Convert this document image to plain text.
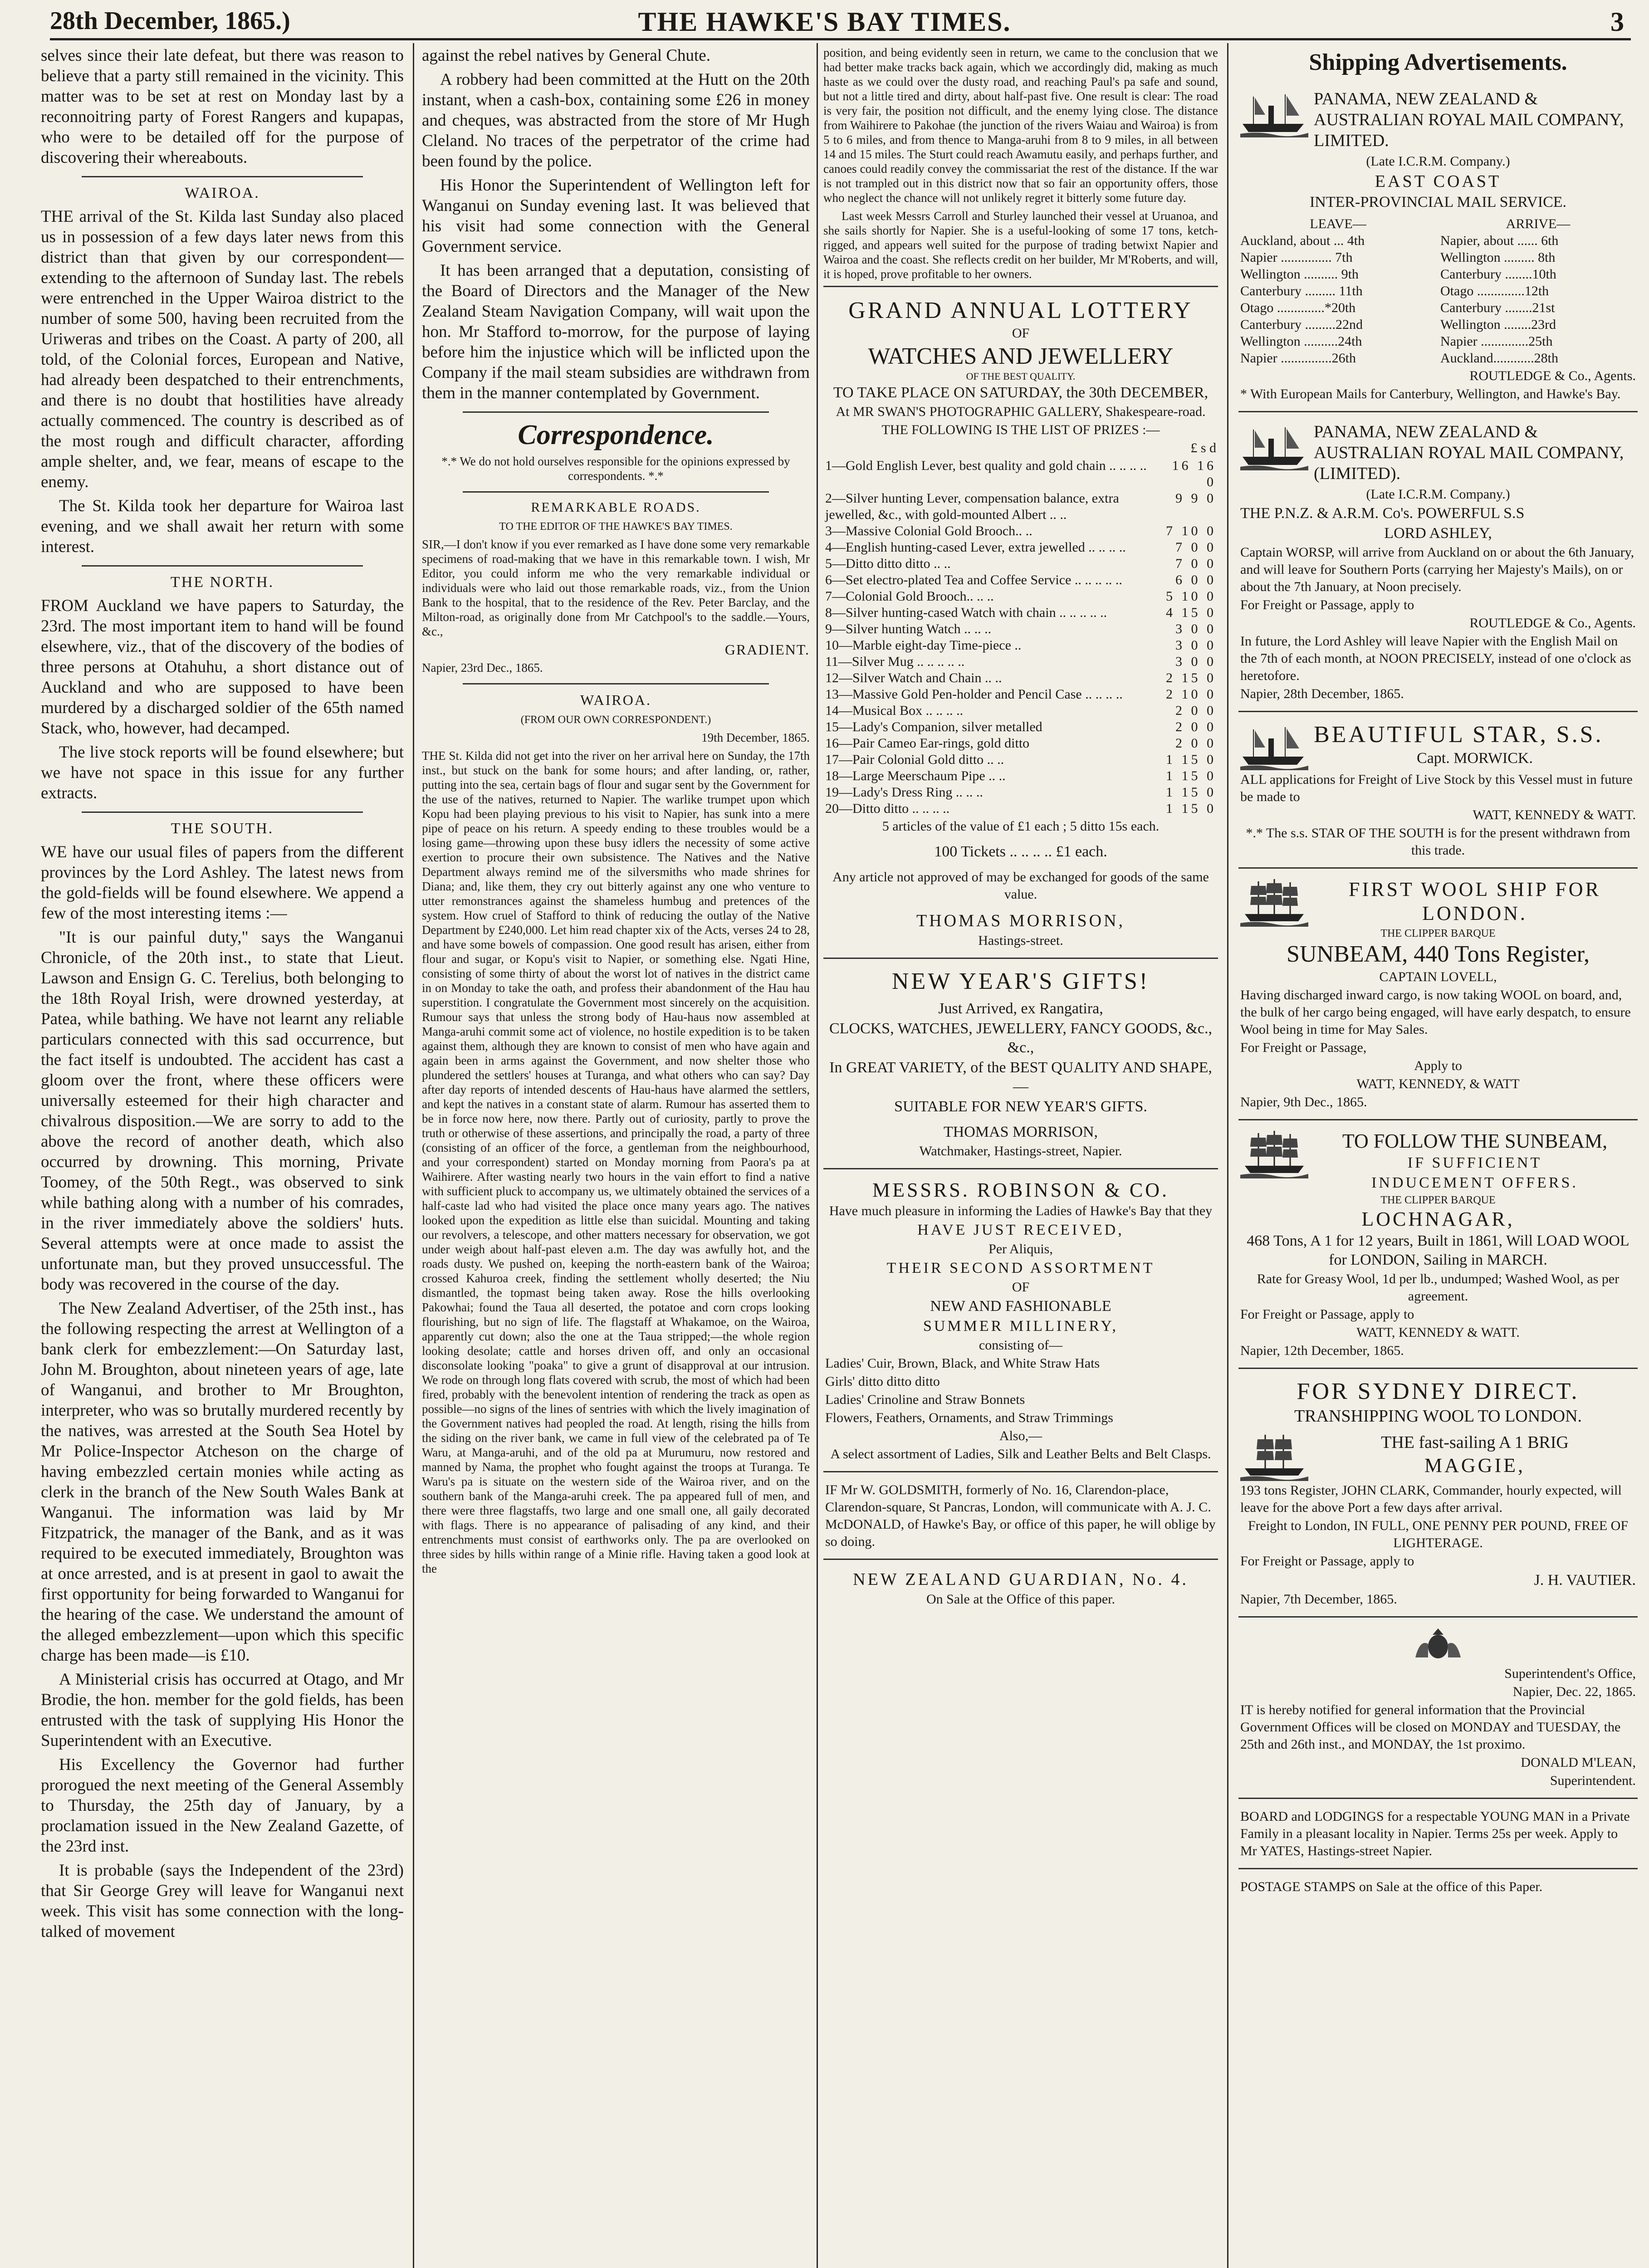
28th December, 1865.)	THE HAWKE'S BAY TIMES.	3

selves since their late defeat, but there was reason to believe that a party still remained in the vicinity. This matter was to be set at rest on Monday last by a reconnoitring party of Forest Rangers and kupapas, who were to be detailed off for the purpose of discovering their whereabouts.

WAIROA.

THE arrival of the St. Kilda last Sunday also placed us in possession of a few days later news from this district than that given by our correspondent—extending to the afternoon of Sunday last. The rebels were entrenched in the Upper Wairoa district to the number of some 500, having been recruited from the Uriweras and tribes on the Coast. A party of 200, all told, of the Colonial forces, European and Native, had already been despatched to their entrenchments, and there is no doubt that hostilities have already actually commenced. The country is described as of the most rough and difficult character, affording ample shelter, and, we fear, means of escape to the enemy.

The St. Kilda took her departure for Wairoa last evening, and we shall await her return with some interest.

THE NORTH.

FROM Auckland we have papers to Saturday, the 23rd. The most important item to hand will be found elsewhere, viz., that of the discovery of the bodies of three persons at Otahuhu, a short distance out of Auckland and who are supposed to have been murdered by a discharged soldier of the 65th named Stack, who, however, had decamped.

The live stock reports will be found elsewhere; but we have not space in this issue for any further extracts.

THE SOUTH.

WE have our usual files of papers from the different provinces by the Lord Ashley. The latest news from the gold-fields will be found elsewhere. We append a few of the most interesting items :—

"It is our painful duty," says the Wanganui Chronicle, of the 20th inst., to state that Lieut. Lawson and Ensign G. C. Terelius, both belonging to the 18th Royal Irish, were drowned yesterday, at Patea, while bathing. We have not learnt any reliable particulars connected with this sad occurrence, but the fact itself is undoubted. The accident has cast a gloom over the front, where these officers were universally esteemed for their high character and chivalrous disposition.—We are sorry to add to the above the record of another death, which also occurred by drowning. This morning, Private Toomey, of the 50th Regt., was observed to sink while bathing along with a number of his comrades, in the river immediately above the soldiers' huts. Several attempts were at once made to assist the unfortunate man, but they proved unsuccessful. The body was recovered in the course of the day.

The New Zealand Advertiser, of the 25th inst., has the following respecting the arrest at Wellington of a bank clerk for embezzlement:—On Saturday last, John M. Broughton, about nineteen years of age, late of Wanganui, and brother to Mr Broughton, interpreter, who was so brutally murdered recently by the natives, was arrested at the South Sea Hotel by Mr Police-Inspector Atcheson on the charge of having embezzled certain monies while acting as clerk in the branch of the New South Wales Bank at Wanganui. The information was laid by Mr Fitzpatrick, the manager of the Bank, and as it was required to be executed immediately, Broughton was at once arrested, and is at present in gaol to await the first opportunity for being forwarded to Wanganui for the hearing of the case. We understand the amount of the alleged embezzlement—upon which this specific charge has been made—is £10.

A Ministerial crisis has occurred at Otago, and Mr Brodie, the hon. member for the gold fields, has been entrusted with the task of supplying His Honor the Superintendent with an Executive.

His Excellency the Governor had further prorogued the next meeting of the General Assembly to Thursday, the 25th day of January, by a proclamation issued in the New Zealand Gazette, of the 23rd inst.

It is probable (says the Independent of the 23rd) that Sir George Grey will leave for Wanganui next week. This visit has some connection with the long-talked of movement

against the rebel natives by General Chute.

A robbery had been committed at the Hutt on the 20th instant, when a cash-box, containing some £26 in money and cheques, was abstracted from the store of Mr Hugh Cleland. No traces of the perpetrator of the crime had been found by the police.

His Honor the Superintendent of Wellington left for Wanganui on Sunday evening last. It was believed that his visit had some connection with the General Government service.

It has been arranged that a deputation, consisting of the Board of Directors and the Manager of the New Zealand Steam Navigation Company, will wait upon the hon. Mr Stafford to-morrow, for the purpose of laying before him the injustice which will be inflicted upon the Company if the mail steam subsidies are withdrawn from them in the manner contemplated by Government.

Correspondence.

*.* We do not hold ourselves responsible for the opinions expressed by correspondents. *.*

REMARKABLE ROADS.

TO THE EDITOR OF THE HAWKE'S BAY TIMES.

SIR,—I don't know if you ever remarked as I have done some very remarkable specimens of road-making that we have in this remarkable town. I wish, Mr Editor, you could inform me who the very remarkable individual or individuals were who laid out those remarkable roads, viz., from the Union Bank to the hospital, that to the residence of the Rev. Peter Barclay, and the Milton-road, as originally done from Mr Catchpool's to the saddle.—Yours, &c.,

GRADIENT.

Napier, 23rd Dec., 1865.

WAIROA.

(FROM OUR OWN CORRESPONDENT.)

19th December, 1865.

THE St. Kilda did not get into the river on her arrival here on Sunday, the 17th inst., but stuck on the bank for some hours; and after landing, or, rather, putting into the sea, certain bags of flour and sugar sent by the Government for the use of the natives, returned to Napier. The warlike trumpet upon which Kopu had been playing previous to his visit to Napier, has sunk into a mere pipe of peace on his return. A speedy ending to these troubles would be a losing game—throwing upon these busy idlers the necessity of some active exertion to procure their own subsistence. The Natives and the Native Department always remind me of the silversmiths who made shrines for Diana; and, like them, they cry out bitterly against any one who venture to utter remonstrances against the shameless humbug and pretences of the system. How cruel of Stafford to think of reducing the outlay of the Native Department by £240,000. Let him read chapter xix of the Acts, verses 24 to 28, and have some bowels of compassion. One good result has arisen, either from flour and sugar, or Kopu's visit to Napier, or something else. Ngati Hine, consisting of some thirty of about the worst lot of natives in the district came in on Monday to take the oath, and profess their abandonment of the Hau hau superstition. I congratulate the Government most sincerely on the acquisition. Rumour says that unless the strong body of Hau-haus now assembled at Manga-aruhi commit some act of violence, no hostile expedition is to be taken against them, although they are known to consist of men who have again and again been in arms against the Government, and now shelter those who plundered the settlers' houses at Turanga, and what others who can say? Day after day reports of intended descents of Hau-haus have alarmed the settlers, and kept the natives in a constant state of alarm. Rumour has asserted them to be in force now here, now there. Partly out of curiosity, partly to prove the truth or otherwise of these assertions, and principally the road, a party of three (consisting of an officer of the force, a gentleman from the neighbourhood, and your correspondent) started on Monday morning from Paora's pa at Waihirere. After wasting nearly two hours in the vain effort to find a native with sufficient pluck to accompany us, we ultimately obtained the services of a half-caste lad who had visited the place once many years ago. The natives looked upon the expedition as little else than suicidal. Mounting and taking our revolvers, a telescope, and other matters necessary for observation, we got under weigh about half-past eleven a.m. The day was awfully hot, and the roads dusty. We pushed on, keeping the north-eastern bank of the Wairoa; crossed Kahuroa creek, finding the settlement wholly deserted; the Niu dismantled, the topmast being taken away. Rose the hills overlooking Pakowhai; found the Taua all deserted, the potatoe and corn crops looking flourishing, but no sign of life. The flagstaff at Whakamoe, on the Wairoa, apparently cut down; also the one at the Taua stripped;—the whole region looking desolate; cattle and horses driven off, and only an occasional disconsolate looking "poaka" to give a grunt of disapproval at our intrusion. We rode on through long flats covered with scrub, the most of which had been fired, probably with the benevolent intention of rendering the track as open as possible—no signs of the lines of sentries with which the lively imagination of the Government natives had peopled the road. At length, rising the hills from the siding on the river bank, we came in full view of the celebrated pa of Te Waru, at Manga-aruhi, and of the old pa at Murumuru, now restored and manned by Nama, the prophet who fought against the troops at Turanga. Te Waru's pa is situate on the western side of the Wairoa river, and on the southern bank of the Manga-aruhi creek. The pa appeared full of men, and there were three flagstaffs, two large and one small one, all gaily decorated with flags. There is no appearance of palisading of any kind, and their entrenchments must consist of earthworks only. The pa are overlooked on three sides by hills within range of a Minie rifle. Having taken a good look at the

position, and being evidently seen in return, we came to the conclusion that we had better make tracks back again, which we accordingly did, making as much haste as we could over the dusty road, and reaching Paul's pa safe and sound, but not a little tired and dirty, about half-past five. One result is clear: The road is very fair, the position not difficult, and the enemy lying close. The distance from Waihirere to Pakohae (the junction of the rivers Waiau and Wairoa) is from 5 to 6 miles, and from thence to Manga-aruhi from 8 to 9 miles, in all between 14 and 15 miles. The Sturt could reach Awamutu easily, and perhaps further, and canoes could readily convey the commissariat the rest of the distance. If the war is not trampled out in this district now that so fair an opportunity offers, those who neglect the chance will not unlikely regret it bitterly some future day.

Last week Messrs Carroll and Sturley launched their vessel at Uruanoa, and she sails shortly for Napier. She is a useful-looking of some 17 tons, ketch-rigged, and appears well suited for the purpose of trading betwixt Napier and Wairoa and the coast. She reflects credit on her builder, Mr M'Roberts, and will, it is hoped, prove profitable to her owners.

GRAND ANNUAL LOTTERY

OF

WATCHES AND JEWELLERY

OF THE BEST QUALITY.

TO TAKE PLACE ON SATURDAY, the 30th DECEMBER,

At MR SWAN'S PHOTOGRAPHIC GALLERY, Shakespeare-road.

THE FOLLOWING IS THE LIST OF PRIZES :—

£ s d

1—Gold English Lever, best quality and gold chain .. .. .. ..	16 16 0
2—Silver hunting Lever, compensation balance, extra jewelled, &c., with gold-mounted Albert .. ..
9 9 0
3—Massive Colonial Gold Brooch.. ..	7 10 0
4—English hunting-cased Lever, extra jewelled .. .. .. ..	7 0 0
5—Ditto ditto ditto .. ..	7 0 0
6—Set electro-plated Tea and Coffee Service .. .. .. .. ..	6 0 0
7—Colonial Gold Brooch.. .. ..	5 10 0
8—Silver hunting-cased Watch with chain .. .. .. .. ..	4 15 0
9—Silver hunting Watch .. .. ..	3 0 0
10—Marble eight-day Time-piece ..	3 0 0
11—Silver Mug .. .. .. .. ..	3 0 0
12—Silver Watch and Chain .. ..	2 15 0
13—Massive Gold Pen-holder and Pencil Case .. .. .. ..	2 10 0
14—Musical Box .. .. .. ..	2 0 0
15—Lady's Companion, silver metalled	2 0 0
16—Pair Cameo Ear-rings, gold ditto	2 0 0
17—Pair Colonial Gold ditto .. ..	1 15 0
18—Large Meerschaum Pipe .. ..	1 15 0
19—Lady's Dress Ring .. .. ..	1 15 0
20—Ditto ditto .. .. .. ..	1 15 0

5 articles of the value of £1 each ; 5 ditto 15s each.

100 Tickets .. .. .. .. £1 each.

Any article not approved of may be exchanged for goods of the same value.

THOMAS MORRISON,

Hastings-street.

NEW YEAR'S GIFTS!

Just Arrived, ex Rangatira,

CLOCKS, WATCHES, JEWELLERY, FANCY GOODS, &c., &c.,

In GREAT VARIETY, of the BEST QUALITY AND SHAPE,—

SUITABLE FOR NEW YEAR'S GIFTS.

THOMAS MORRISON,

Watchmaker, Hastings-street, Napier.

MESSRS. ROBINSON & CO.

Have much pleasure in informing the Ladies of Hawke's Bay that they

HAVE JUST RECEIVED,

Per Aliquis,

THEIR SECOND ASSORTMENT

OF

NEW AND FASHIONABLE

SUMMER MILLINERY,

consisting of—

Ladies' Cuir, Brown, Black, and White Straw Hats

Girls' ditto ditto ditto

Ladies' Crinoline and Straw Bonnets

Flowers, Feathers, Ornaments, and Straw Trimmings

Also,—

A select assortment of Ladies, Silk and Leather Belts and Belt Clasps.

IF Mr W. GOLDSMITH, formerly of No. 16, Clarendon-place, Clarendon-square, St Pancras, London, will communicate with A. J. C. McDONALD, of Hawke's Bay, or office of this paper, he will oblige by so doing.

NEW ZEALAND GUARDIAN, No. 4.

On Sale at the Office of this paper.

Shipping Advertisements.

PANAMA, NEW ZEALAND & AUSTRALIAN ROYAL MAIL COMPANY, LIMITED.

(Late I.C.R.M. Company.)

EAST COAST

INTER-PROVINCIAL MAIL SERVICE.

LEAVE—	ARRIVE—
Auckland, about ... 4th	Napier, about ...... 6th
Napier ............... 7th	Wellington ......... 8th
Wellington .......... 9th	Canterbury ........10th
Canterbury ......... 11th	Otago ..............12th
Otago ..............*20th	Canterbury ........21st
Canterbury .........22nd	Wellington ........23rd
Wellington ..........24th	Napier ..............25th
Napier ...............26th	Auckland............28th

ROUTLEDGE & Co., Agents.

* With European Mails for Canterbury, Wellington, and Hawke's Bay.

PANAMA, NEW ZEALAND & AUSTRALIAN ROYAL MAIL COMPANY, (LIMITED).

(Late I.C.R.M. Company.)

THE P.N.Z. & A.R.M. Co's. POWERFUL S.S

LORD ASHLEY,

Captain WORSP, will arrive from Auckland on or about the 6th January, and will leave for Southern Ports (carrying her Majesty's Mails), on or about the 7th January, at Noon precisely.

For Freight or Passage, apply to

ROUTLEDGE & Co., Agents.

In future, the Lord Ashley will leave Napier with the English Mail on the 7th of each month, at NOON PRECISELY, instead of one o'clock as heretofore.

Napier, 28th December, 1865.

BEAUTIFUL STAR, S.S.

Capt. MORWICK.

ALL applications for Freight of Live Stock by this Vessel must in future be made to

WATT, KENNEDY & WATT.

*.* The s.s. STAR OF THE SOUTH is for the present withdrawn from this trade.

FIRST WOOL SHIP FOR

LONDON.

THE CLIPPER BARQUE

SUNBEAM, 440 Tons Register,

CAPTAIN LOVELL,

Having discharged inward cargo, is now taking WOOL on board, and, the bulk of her cargo being engaged, will have early despatch, to ensure Wool being in time for May Sales.

For Freight or Passage,

Apply to

WATT, KENNEDY, & WATT

Napier, 9th Dec., 1865.

TO FOLLOW THE SUNBEAM,

IF SUFFICIENT

INDUCEMENT OFFERS.

THE CLIPPER BARQUE

LOCHNAGAR,

468 Tons, A 1 for 12 years, Built in 1861, Will LOAD WOOL for LONDON, Sailing in MARCH.

Rate for Greasy Wool, 1d per lb., undumped; Washed Wool, as per agreement.

For Freight or Passage, apply to

WATT, KENNEDY & WATT.

Napier, 12th December, 1865.

FOR SYDNEY DIRECT.

TRANSHIPPING WOOL TO LONDON.

THE fast-sailing A 1 BRIG

MAGGIE,

193 tons Register, JOHN CLARK, Commander, hourly expected, will leave for the above Port a few days after arrival.

Freight to London, IN FULL, ONE PENNY PER POUND, FREE OF LIGHTERAGE.

For Freight or Passage, apply to

J. H. VAUTIER.

Napier, 7th December, 1865.

Superintendent's Office,

Napier, Dec. 22, 1865.

IT is hereby notified for general information that the Provincial Government Offices will be closed on MONDAY and TUESDAY, the 25th and 26th inst., and MONDAY, the 1st proximo.

DONALD M'LEAN,

Superintendent.

BOARD and LODGINGS for a respectable YOUNG MAN in a Private Family in a pleasant locality in Napier. Terms 25s per week. Apply to Mr YATES, Hastings-street Napier.

POSTAGE STAMPS on Sale at the office of this Paper.
